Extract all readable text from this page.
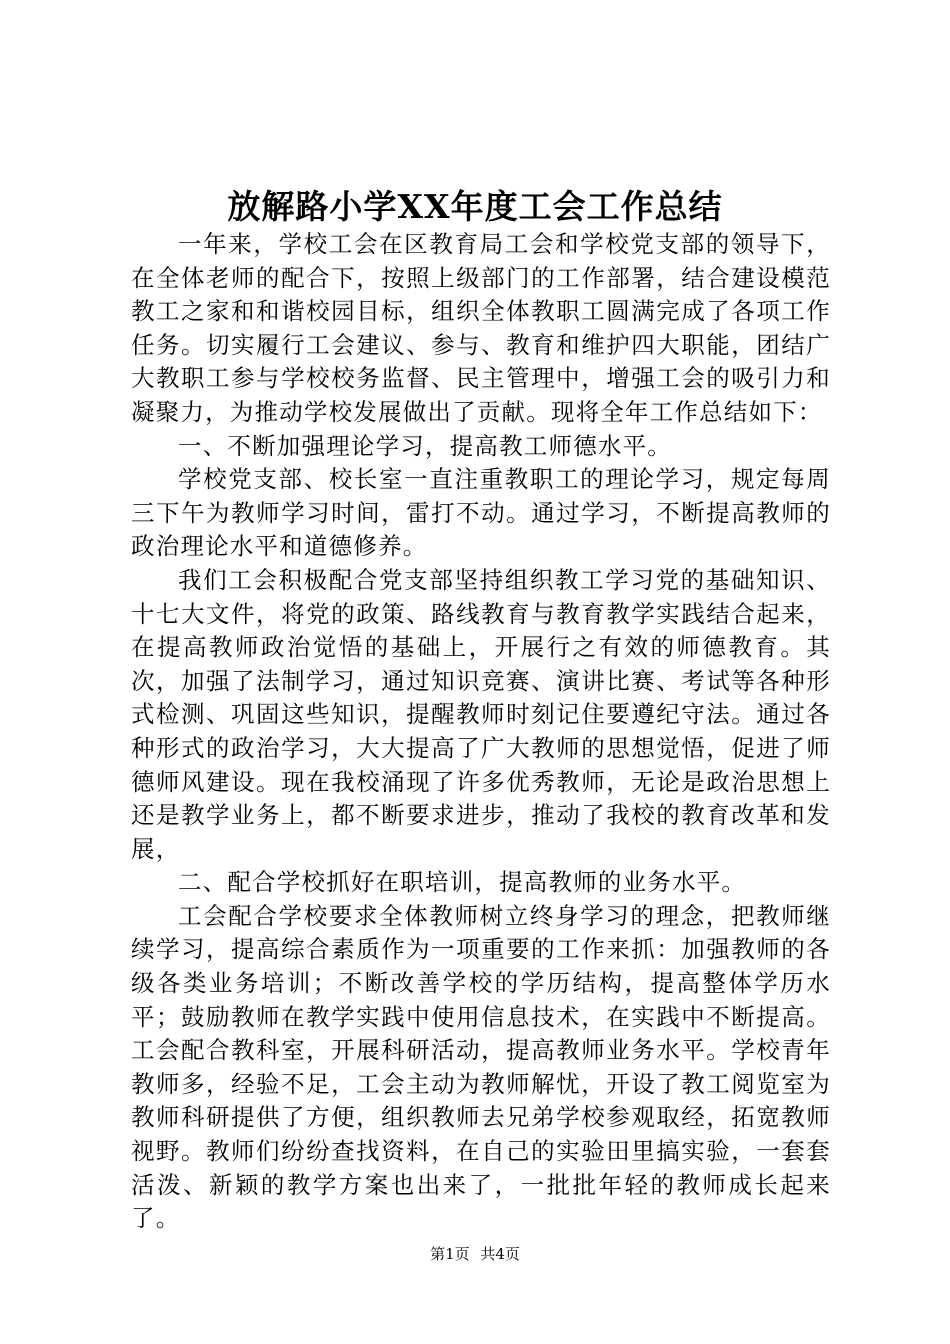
放解路小学XX年度工会工作总结

一年来，学校工会在区教育局工会和学校党支部的领导下，在全体老师的配合下，按照上级部门的工作部署，结合建设模范教工之家和和谐校园目标，组织全体教职工圆满完成了各项工作任务。切实履行工会建议、参与、教育和维护四大职能，团结广大教职工参与学校校务监督、民主管理中，增强工会的吸引力和凝聚力，为推动学校发展做出了贡献。现将全年工作总结如下：

一、不断加强理论学习，提高教工师德水平。

学校党支部、校长室一直注重教职工的理论学习，规定每周三下午为教师学习时间，雷打不动。通过学习，不断提高教师的政治理论水平和道德修养。

我们工会积极配合党支部坚持组织教工学习党的基础知识、十七大文件，将党的政策、路线教育与教育教学实践结合起来，在提高教师政治觉悟的基础上，开展行之有效的师德教育。其次，加强了法制学习，通过知识竞赛、演讲比赛、考试等各种形式检测、巩固这些知识，提醒教师时刻记住要遵纪守法。通过各种形式的政治学习，大大提高了广大教师的思想觉悟，促进了师德师风建设。现在我校涌现了许多优秀教师，无论是政治思想上还是教学业务上，都不断要求进步，推动了我校的教育改革和发展，

二、配合学校抓好在职培训，提高教师的业务水平。

工会配合学校要求全体教师树立终身学习的理念，把教师继续学习，提高综合素质作为一项重要的工作来抓：加强教师的各级各类业务培训；不断改善学校的学历结构，提高整体学历水平；鼓励教师在教学实践中使用信息技术，在实践中不断提高。工会配合教科室，开展科研活动，提高教师业务水平。学校青年教师多，经验不足，工会主动为教师解忧，开设了教工阅览室为教师科研提供了方便，组织教师去兄弟学校参观取经，拓宽教师视野。教师们纷纷查找资料，在自己的实验田里搞实验，一套套活泼、新颖的教学方案也出来了，一批批年轻的教师成长起来了。

第1页 共4页
